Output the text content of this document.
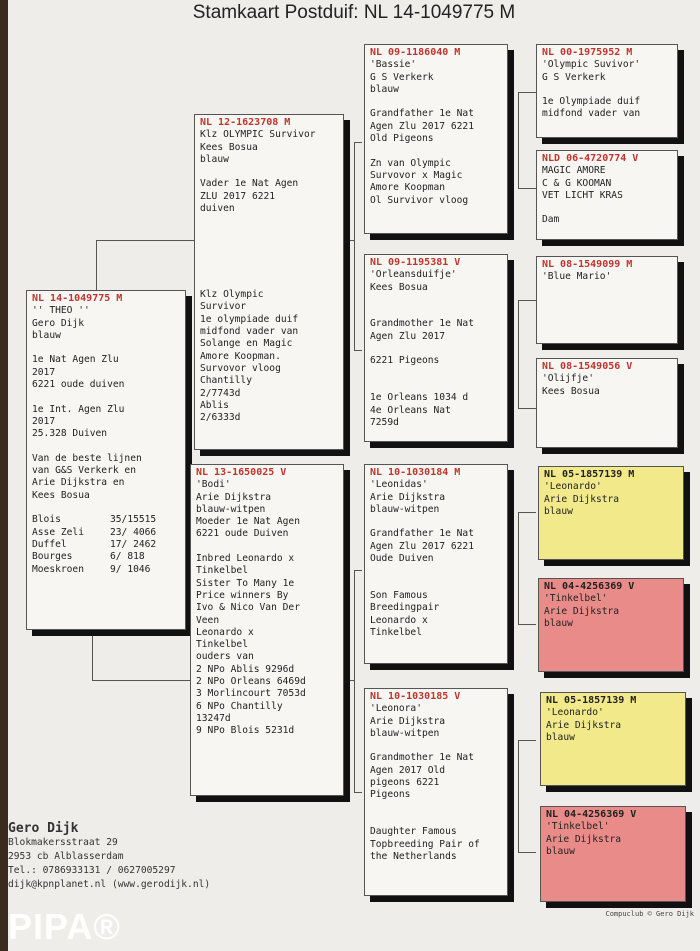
Stamkaart Postduif: NL 14-1049775 M
NL 14-1049775 M
'' THEO ''
Gero Dijk
blauw
1e Nat Agen Zlu
2017
6221 oude duiven
1e Int. Agen Zlu
2017
25.328 Duiven
Van de beste lijnen
van G&S Verkerk en
Arie Dijkstra en
Kees Bosua
Blois	35/15515
Asse Zeli	23/ 4066
Duffel	17/ 2462
Bourges	6/ 818
Moeskroen	9/ 1046
NL 12-1623708 M
Klz OLYMPIC Survivor
Kees Bosua
blauw
Vader 1e Nat Agen
ZLU 2017 6221
duiven
Klz Olympic
Survivor
1e olympiade duif
midfond vader van
Solange en Magic
Amore Koopman.
Survovor vloog
Chantilly
2/7743d
Ablis
2/6333d
NL 13-1650025 V
'Bodi'
Arie Dijkstra
blauw-witpen
Moeder 1e Nat Agen
6221 oude Duiven
Inbred Leonardo x
Tinkelbel
Sister To Many 1e
Price winners By
Ivo & Nico Van Der
Veen
Leonardo x
Tinkelbel
ouders van
2 NPo Ablis 9296d
2 NPo Orleans 6469d
3 Morlincourt 7053d
6 NPo Chantilly
13247d
9 NPo Blois 5231d
NL 09-1186040 M
'Bassie'
G S Verkerk
blauw
Grandfather 1e Nat
Agen Zlu 2017 6221
Old Pigeons
Zn van Olympic
Survovor x Magic
Amore Koopman
Ol Survivor vloog
NL 09-1195381 V
'Orleansduifje'
Kees Bosua
Grandmother 1e Nat
Agen Zlu 2017
6221 Pigeons
1e Orleans 1034 d
4e Orleans Nat
7259d
NL 10-1030184 M
'Leonidas'
Arie Dijkstra
blauw-witpen
Grandfather 1e Nat
Agen Zlu 2017 6221
Oude Duiven
Son Famous
Breedingpair
Leonardo x
Tinkelbel
NL 10-1030185 V
'Leonora'
Arie Dijkstra
blauw-witpen
Grandmother 1e Nat
Agen 2017 Old
pigeons 6221
Pigeons
Daughter Famous
Topbreeding Pair of
the Netherlands
NL 00-1975952 M
'Olympic Suvivor'
G S Verkerk
1e Olympiade duif
midfond vader van
NLD 06-4720774 V
MAGIC AMORE
C & G KOOMAN
VET LICHT KRAS
Dam
NL 08-1549099 M
'Blue Mario'
NL 08-1549056 V
'Olijfje'
Kees Bosua
NL 05-1857139 M
'Leonardo'
Arie Dijkstra
blauw
NL 04-4256369 V
'Tinkelbel'
Arie Dijkstra
blauw
NL 05-1857139 M
'Leonardo'
Arie Dijkstra
blauw
NL 04-4256369 V
'Tinkelbel'
Arie Dijkstra
blauw
Gero Dijk
Blokmakersstraat 29
2953 cb Alblasserdam
Tel.: 0786933131 / 0627005297
dijk@kpnplanet.nl (www.gerodijk.nl)
PIPA®	Compuclub © Gero Dijk
